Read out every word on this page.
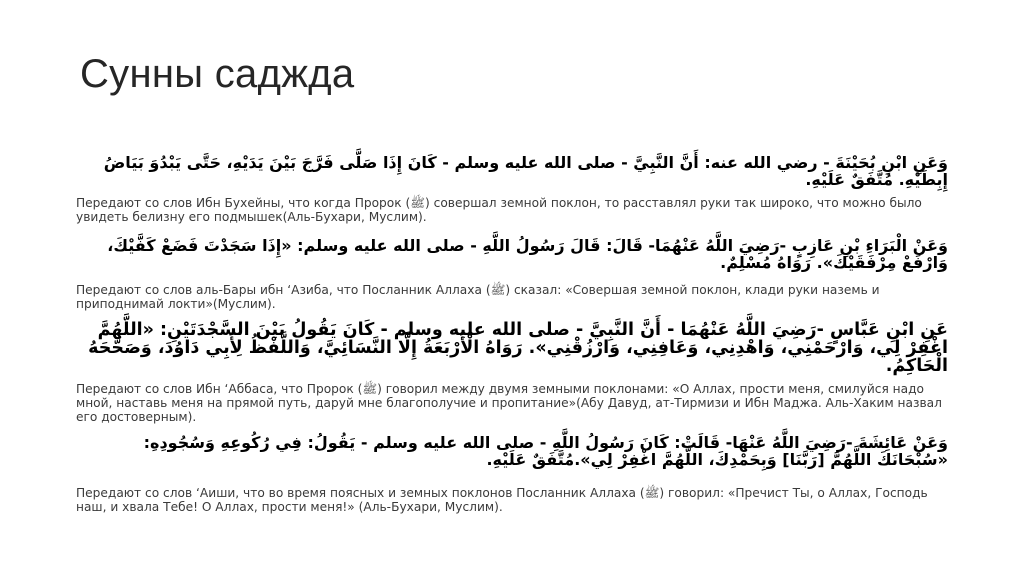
Сунны саджда
وَعَنِ ابْنِ بُحَيْنَةَ - رضي الله عنه: أَنَّ النَّبِيَّ - صلى الله عليه وسلم - كَانَ إِذَا صَلَّى فَرَّجَ بَيْنَ يَدَيْهِ، حَتَّى يَبْدُوَ بَيَاضُ إِبِطَيْهِ. مُتَّفَقٌ عَلَيْهِ.
Передают со слов Ибн Бухейны, что когда Пророк (ﷺ) совершал земной поклон, то расставлял руки так широко, что можно было увидеть белизну его подмышек(Аль-Бухари, Муслим).
وَعَنْ الْبَرَاءِ بْنِ عَازِبٍ -رَضِيَ اللَّهُ عَنْهُمَا- قَالَ: قَالَ رَسُولُ اللَّهِ - صلى الله عليه وسلم: «إِذَا سَجَدْتَ فَضَعْ كَفَّيْكَ، وَارْفَعْ مِرْفَقَيْكَ». رَوَاهُ مُسْلِمٌ.
Передают со слов аль-Бары ибн ‘Азиба, что Посланник Аллаха (ﷺ) сказал: «Совершая земной поклон, клади руки наземь и приподнимай локти»(Муслим).
عَنِ ابْنِ عَبَّاسٍ -رَضِيَ اللَّهُ عَنْهُمَا - أَنَّ النَّبِيَّ - صلى الله عليه وسلم - كَانَ يَقُولُ بَيْنَ السَّجْدَتَيْنِ: «اللَّهُمَّ اغْفِرْ لِي، وَارْحَمْنِي، وَاهْدِنِي، وَعَافِنِي، وَارْزُقْنِي». رَوَاهُ الْأَرْبَعَةُ إِلَّا النَّسَائِيَّ، وَاللَّفْظُ لِأَبِي دَاوُدَ، وَصَحَّحَهُ الْحَاكِمُ.
Передают со слов Ибн ‘Аббаса, что Пророк (ﷺ) говорил между двумя земными поклонами: «О Аллах, прости меня, смилуйся надо мной, наставь меня на прямой путь, даруй мне благополучие и пропитание»(Абу Давуд, ат-Тирмизи и Ибн Маджа. Аль-Хаким назвал его достоверным).
وَعَنْ عَائِشَةَ -رَضِيَ اللَّهُ عَنْهَا- قَالَتْ: كَانَ رَسُولُ اللَّهِ - صلى الله عليه وسلم - يَقُولُ: فِي رُكُوعِهِ وَسُجُودِهِ: «سُبْحَانَكَ اللَّهُمَّ [رَبَّنَا] وَبِحَمْدِكَ، اللَّهُمَّ اغْفِرْ لِي».مُتَّفَقٌ عَلَيْهِ.
Передают со слов ‘Аиши, что во время поясных и земных поклонов Посланник Аллаха (ﷺ) говорил: «Пречист Ты, о Аллах, Господь наш, и хвала Тебе! О Аллах, прости меня!» (Аль-Бухари, Муслим).
